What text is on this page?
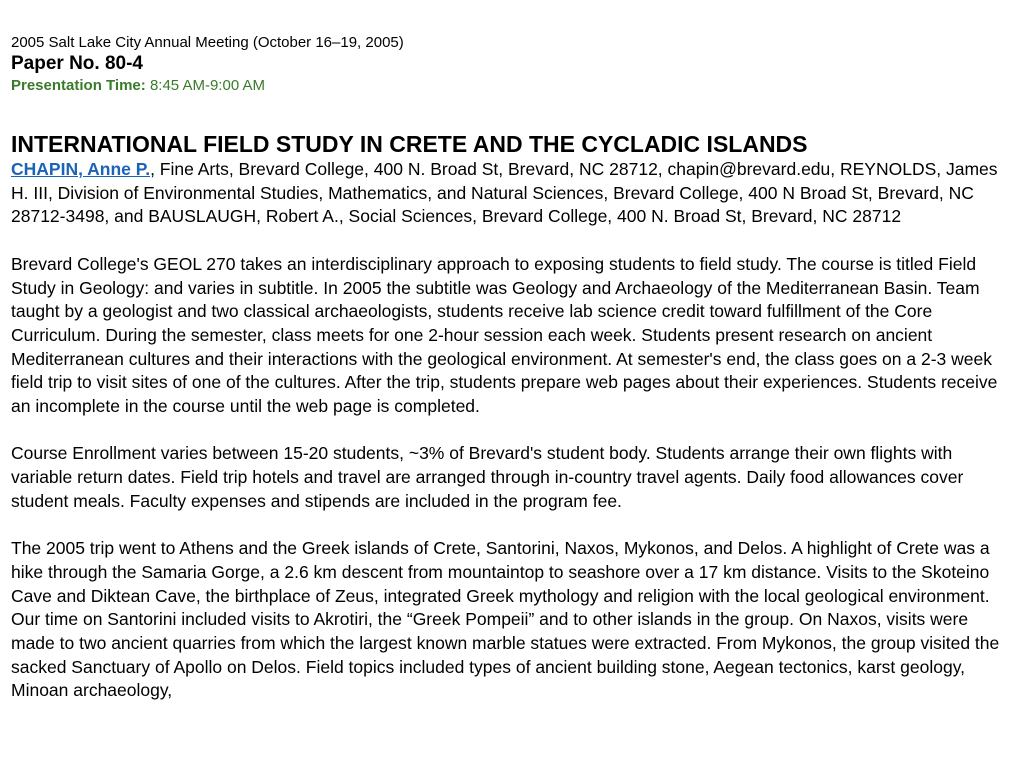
2005 Salt Lake City Annual Meeting (October 16–19, 2005)

Paper No. 80-4

Presentation Time: 8:45 AM-9:00 AM

INTERNATIONAL FIELD STUDY IN CRETE AND THE CYCLADIC ISLANDS

CHAPIN, Anne P., Fine Arts, Brevard College, 400 N. Broad St, Brevard, NC 28712, chapin@brevard.edu, REYNOLDS, James H. III, Division of Environmental Studies, Mathematics, and Natural Sciences, Brevard College, 400 N Broad St, Brevard, NC 28712-3498, and BAUSLAUGH, Robert A., Social Sciences, Brevard College, 400 N. Broad St, Brevard, NC 28712

Brevard College's GEOL 270 takes an interdisciplinary approach to exposing students to field study. The course is titled Field Study in Geology: and varies in subtitle. In 2005 the subtitle was Geology and Archaeology of the Mediterranean Basin. Team taught by a geologist and two classical archaeologists, students receive lab science credit toward fulfillment of the Core Curriculum. During the semester, class meets for one 2-hour session each week. Students present research on ancient Mediterranean cultures and their interactions with the geological environment. At semester's end, the class goes on a 2-3 week field trip to visit sites of one of the cultures. After the trip, students prepare web pages about their experiences. Students receive an incomplete in the course until the web page is completed.

Course Enrollment varies between 15-20 students, ~3% of Brevard's student body. Students arrange their own flights with variable return dates. Field trip hotels and travel are arranged through in-country travel agents. Daily food allowances cover student meals. Faculty expenses and stipends are included in the program fee.

The 2005 trip went to Athens and the Greek islands of Crete, Santorini, Naxos, Mykonos, and Delos. A highlight of Crete was a hike through the Samaria Gorge, a 2.6 km descent from mountaintop to seashore over a 17 km distance. Visits to the Skoteino Cave and Diktean Cave, the birthplace of Zeus, integrated Greek mythology and religion with the local geological environment. Our time on Santorini included visits to Akrotiri, the “Greek Pompeii” and to other islands in the group. On Naxos, visits were made to two ancient quarries from which the largest known marble statues were extracted. From Mykonos, the group visited the sacked Sanctuary of Apollo on Delos. Field topics included types of ancient building stone, Aegean tectonics, karst geology, Minoan archaeology,
